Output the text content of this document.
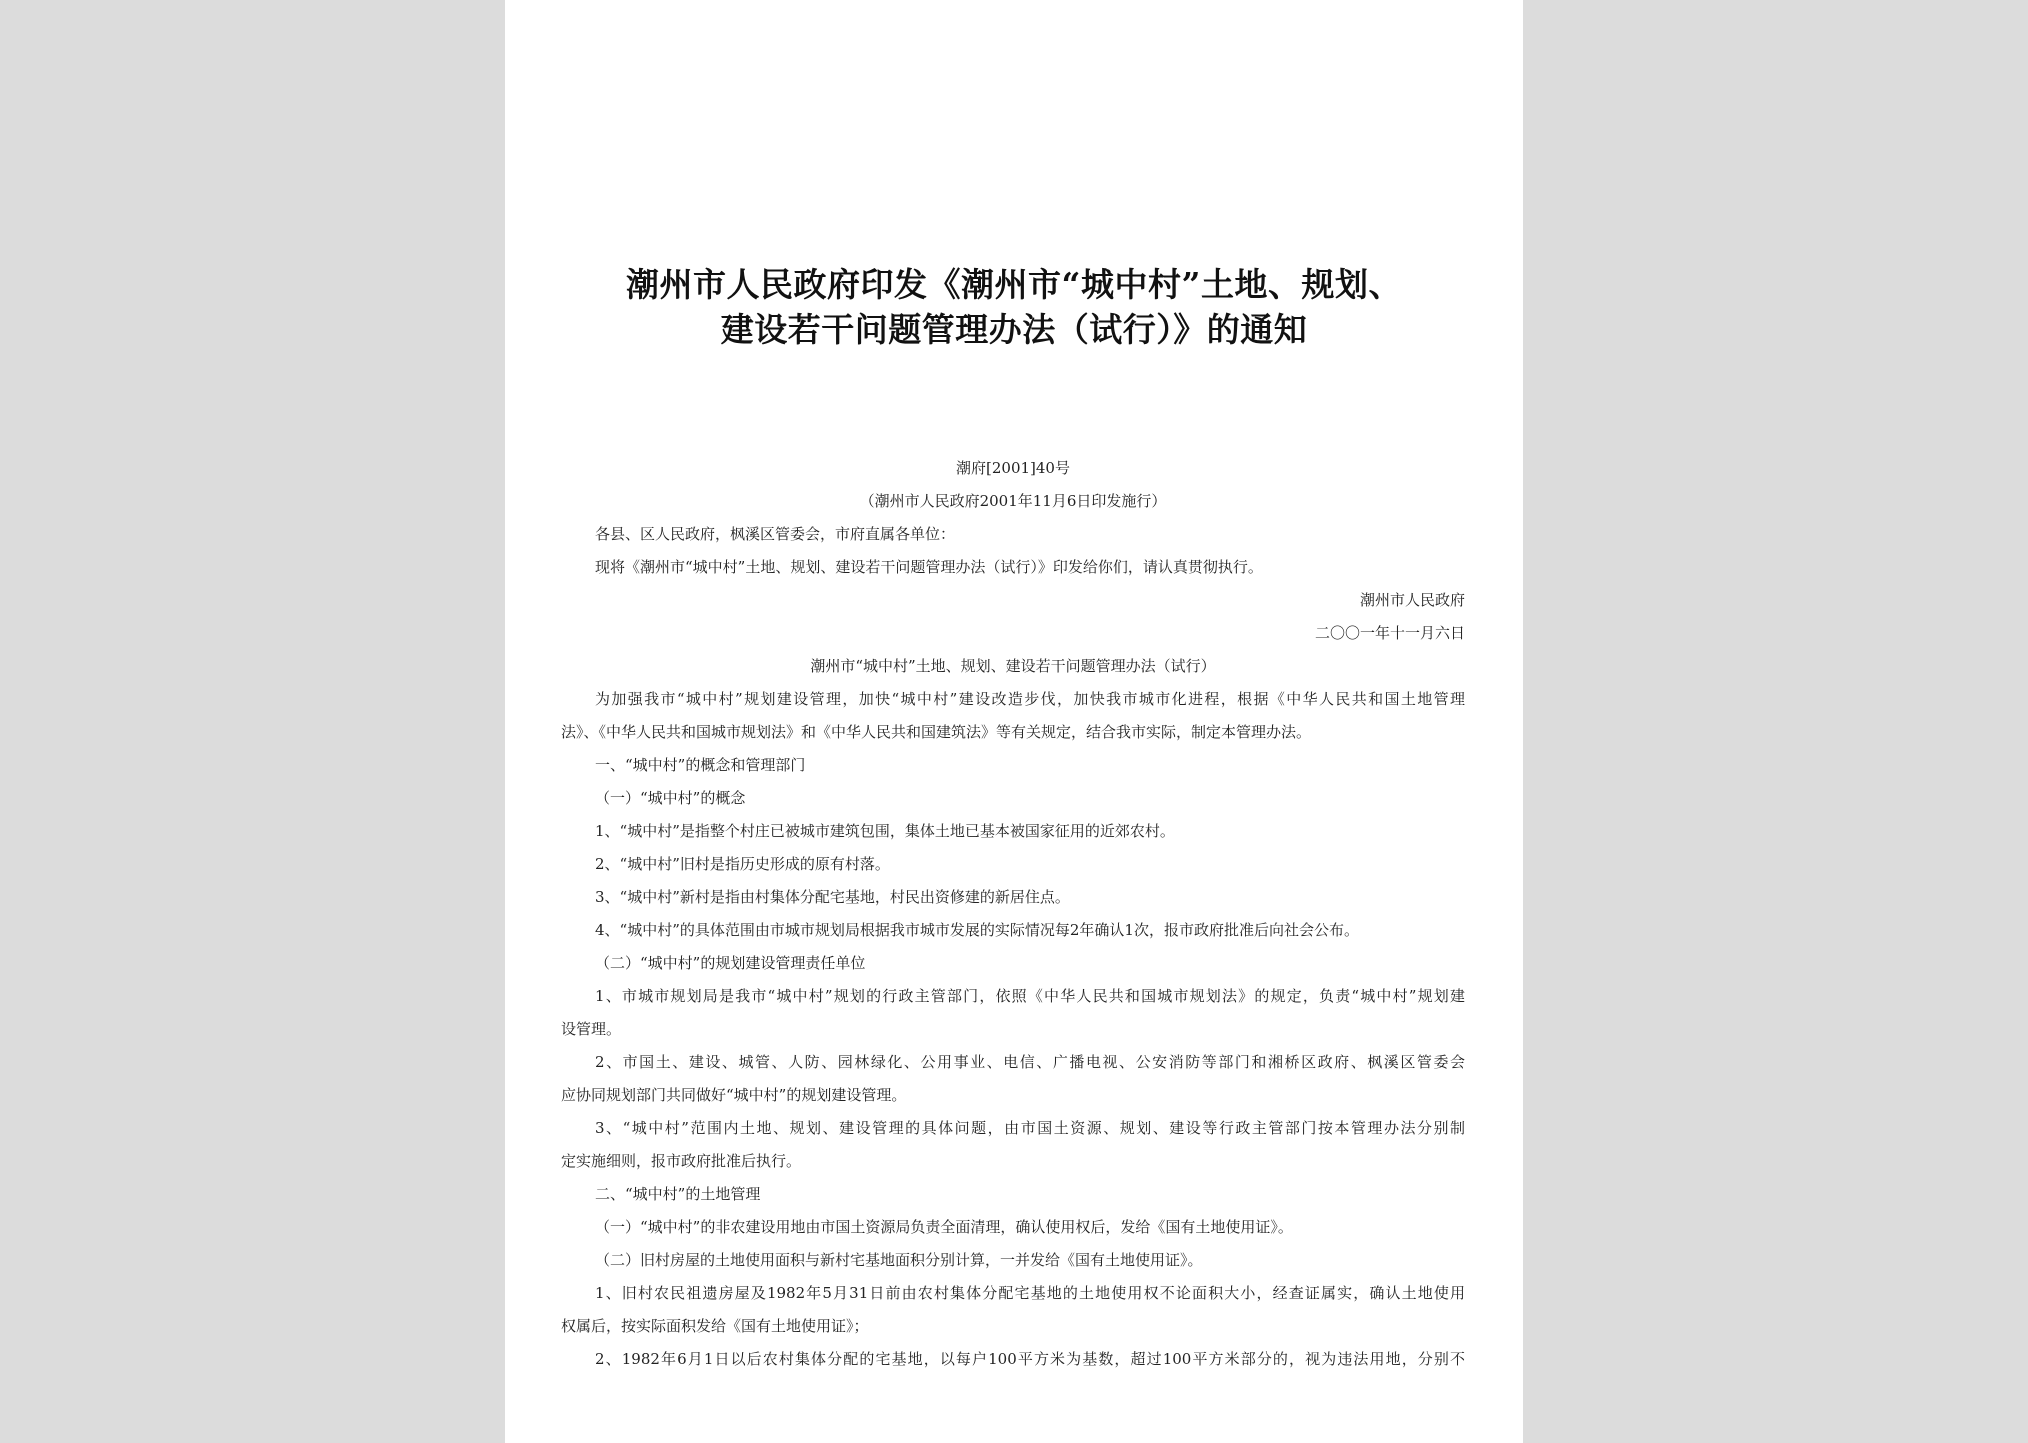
潮州市人民政府印发《潮州市“城中村”土地、规划、
建设若干问题管理办法（试行）》的通知
潮府[2001]40号
（潮州市人民政府2001年11月6日印发施行）
各县、区人民政府，枫溪区管委会，市府直属各单位：
现将《潮州市“城中村”土地、规划、建设若干问题管理办法（试行）》印发给你们，请认真贯彻执行。
潮州市人民政府
二〇〇一年十一月六日
潮州市“城中村”土地、规划、建设若干问题管理办法（试行）
为加强我市“城中村”规划建设管理，加快“城中村”建设改造步伐，加快我市城市化进程，根据《中华人民共和国土地管理
法》、《中华人民共和国城市规划法》和《中华人民共和国建筑法》等有关规定，结合我市实际，制定本管理办法。
一、“城中村”的概念和管理部门
（一）“城中村”的概念
1、“城中村”是指整个村庄已被城市建筑包围，集体土地已基本被国家征用的近郊农村。
2、“城中村”旧村是指历史形成的原有村落。
3、“城中村”新村是指由村集体分配宅基地，村民出资修建的新居住点。
4、“城中村”的具体范围由市城市规划局根据我市城市发展的实际情况每2年确认1次，报市政府批准后向社会公布。
（二）“城中村”的规划建设管理责任单位
1、市城市规划局是我市“城中村”规划的行政主管部门，依照《中华人民共和国城市规划法》的规定，负责“城中村”规划建
设管理。
2、市国土、建设、城管、人防、园林绿化、公用事业、电信、广播电视、公安消防等部门和湘桥区政府、枫溪区管委会
应协同规划部门共同做好“城中村”的规划建设管理。
3、“城中村”范围内土地、规划、建设管理的具体问题，由市国土资源、规划、建设等行政主管部门按本管理办法分别制
定实施细则，报市政府批准后执行。
二、“城中村”的土地管理
（一）“城中村”的非农建设用地由市国土资源局负责全面清理，确认使用权后，发给《国有土地使用证》。
（二）旧村房屋的土地使用面积与新村宅基地面积分别计算，一并发给《国有土地使用证》。
1、旧村农民祖遗房屋及1982年5月31日前由农村集体分配宅基地的土地使用权不论面积大小，经查证属实，确认土地使用
权属后，按实际面积发给《国有土地使用证》；
2、1982年6月1日以后农村集体分配的宅基地，以每户100平方米为基数，超过100平方米部分的，视为违法用地，分别不
